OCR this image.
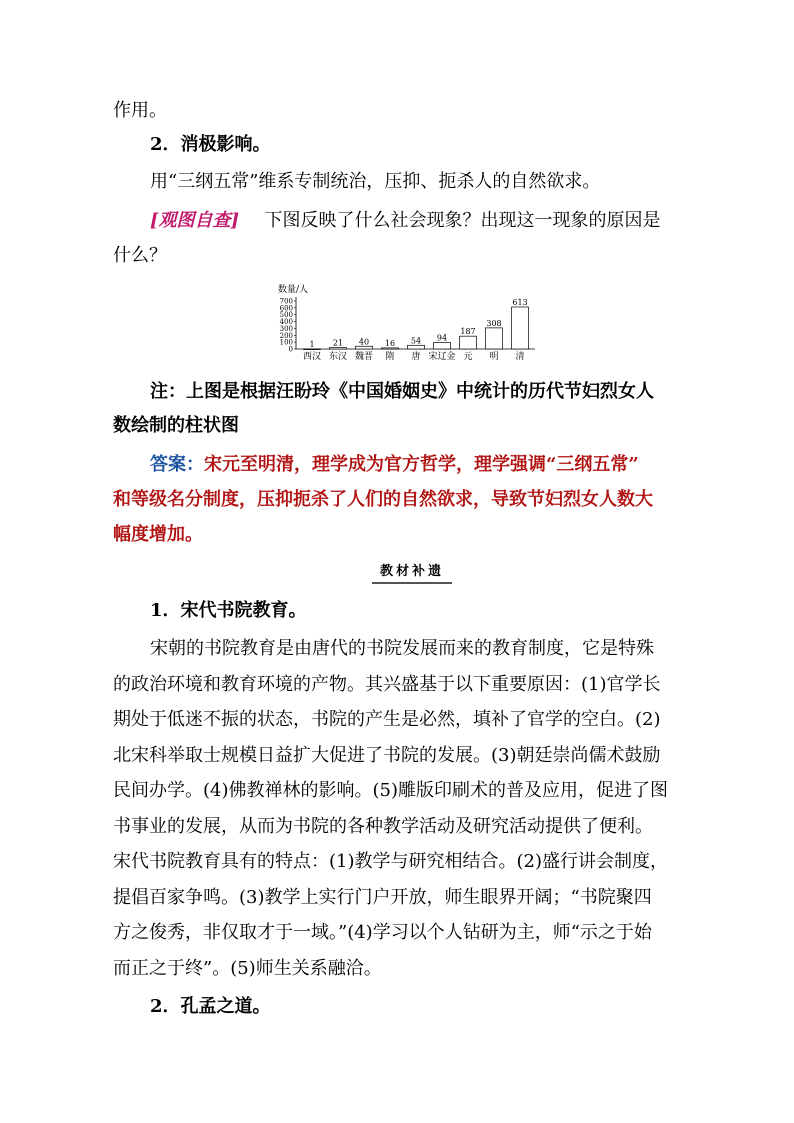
作用。
2．消极影响。
用“三纲五常”维系专制统治，压抑、扼杀人的自然欲求。
[观图自查] 下图反映了什么社会现象？出现这一现象的原因是
什么？
数量/人
0
100
200
300
400
500
600
700
1
西汉
21
东汉
40
魏晋
16
隋
54
唐
94
宋辽金
187
元
308
明
613
清
注：上图是根据汪盼玲《中国婚姻史》中统计的历代节妇烈女人
数绘制的柱状图
答案：宋元至明清，理学成为官方哲学，理学强调“三纲五常”
和等级名分制度，压抑扼杀了人们的自然欲求，导致节妇烈女人数大
幅度增加。
教材补遗
1．宋代书院教育。
宋朝的书院教育是由唐代的书院发展而来的教育制度，它是特殊
的政治环境和教育环境的产物。其兴盛基于以下重要原因：(1)官学长
期处于低迷不振的状态，书院的产生是必然，填补了官学的空白。(2)
北宋科举取士规模日益扩大促进了书院的发展。(3)朝廷崇尚儒术鼓励
民间办学。(4)佛教禅林的影响。(5)雕版印刷术的普及应用，促进了图
书事业的发展，从而为书院的各种教学活动及研究活动提供了便利。
宋代书院教育具有的特点：(1)教学与研究相结合。(2)盛行讲会制度，
提倡百家争鸣。(3)教学上实行门户开放，师生眼界开阔；“书院聚四
方之俊秀，非仅取才于一域。”(4)学习以个人钻研为主，师“示之于始
而正之于终”。(5)师生关系融洽。
2．孔孟之道。
